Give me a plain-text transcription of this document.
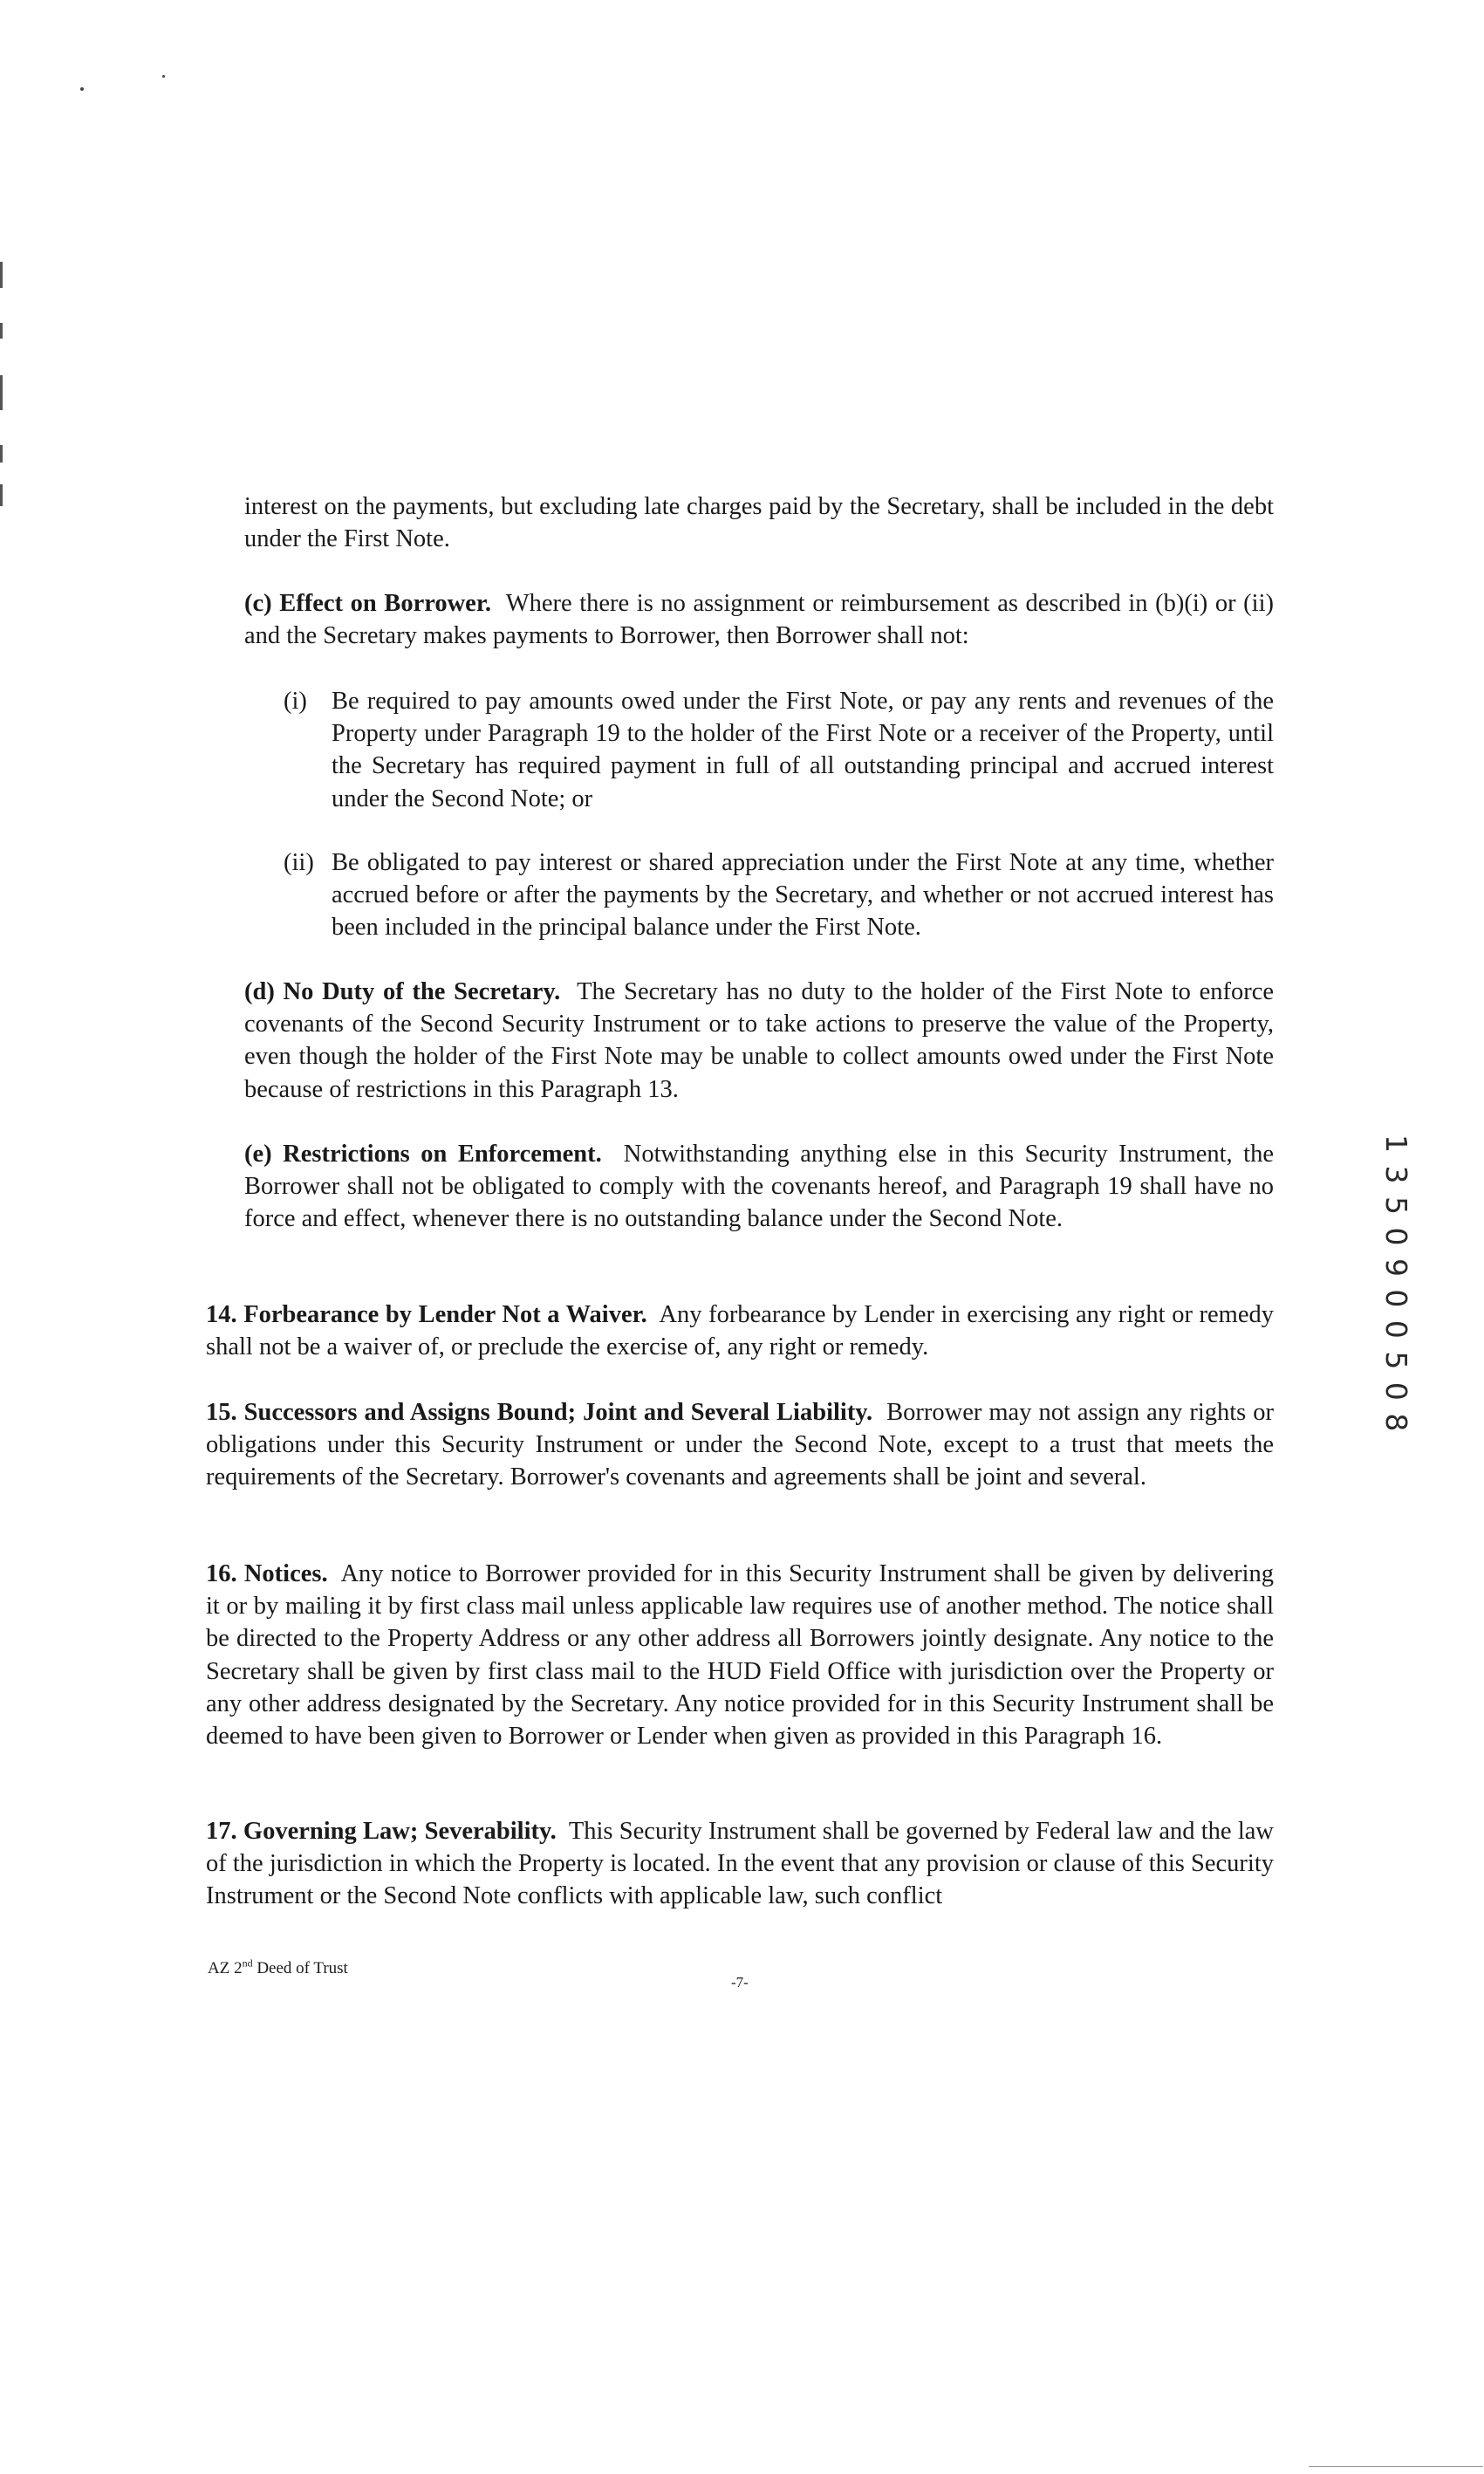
interest on the payments, but excluding late charges paid by the Secretary, shall be included in the debt under the First Note.

(c) Effect on Borrower. Where there is no assignment or reimbursement as described in (b)(i) or (ii) and the Secretary makes payments to Borrower, then Borrower shall not:

(i) Be required to pay amounts owed under the First Note, or pay any rents and revenues of the Property under Paragraph 19 to the holder of the First Note or a receiver of the Property, until the Secretary has required payment in full of all outstanding principal and accrued interest under the Second Note; or
(ii) Be obligated to pay interest or shared appreciation under the First Note at any time, whether accrued before or after the payments by the Secretary, and whether or not accrued interest has been included in the principal balance under the First Note.

(d) No Duty of the Secretary. The Secretary has no duty to the holder of the First Note to enforce covenants of the Second Security Instrument or to take actions to preserve the value of the Property, even though the holder of the First Note may be unable to collect amounts owed under the First Note because of restrictions in this Paragraph 13.

(e) Restrictions on Enforcement. Notwithstanding anything else in this Security Instrument, the Borrower shall not be obligated to comply with the covenants hereof, and Paragraph 19 shall have no force and effect, whenever there is no outstanding balance under the Second Note.

14. Forbearance by Lender Not a Waiver. Any forbearance by Lender in exercising any right or remedy shall not be a waiver of, or preclude the exercise of, any right or remedy.

15. Successors and Assigns Bound; Joint and Several Liability. Borrower may not assign any rights or obligations under this Security Instrument or under the Second Note, except to a trust that meets the requirements of the Secretary. Borrower's covenants and agreements shall be joint and several.

16. Notices. Any notice to Borrower provided for in this Security Instrument shall be given by delivering it or by mailing it by first class mail unless applicable law requires use of another method. The notice shall be directed to the Property Address or any other address all Borrowers jointly designate. Any notice to the Secretary shall be given by first class mail to the HUD Field Office with jurisdiction over the Property or any other address designated by the Secretary. Any notice provided for in this Security Instrument shall be deemed to have been given to Borrower or Lender when given as provided in this Paragraph 16.

17. Governing Law; Severability. This Security Instrument shall be governed by Federal law and the law of the jurisdiction in which the Property is located. In the event that any provision or clause of this Security Instrument or the Second Note conflicts with applicable law, such conflict

AZ 2nd Deed of Trust
-7-
1 3 5 0 9 0 0 5 0 8
